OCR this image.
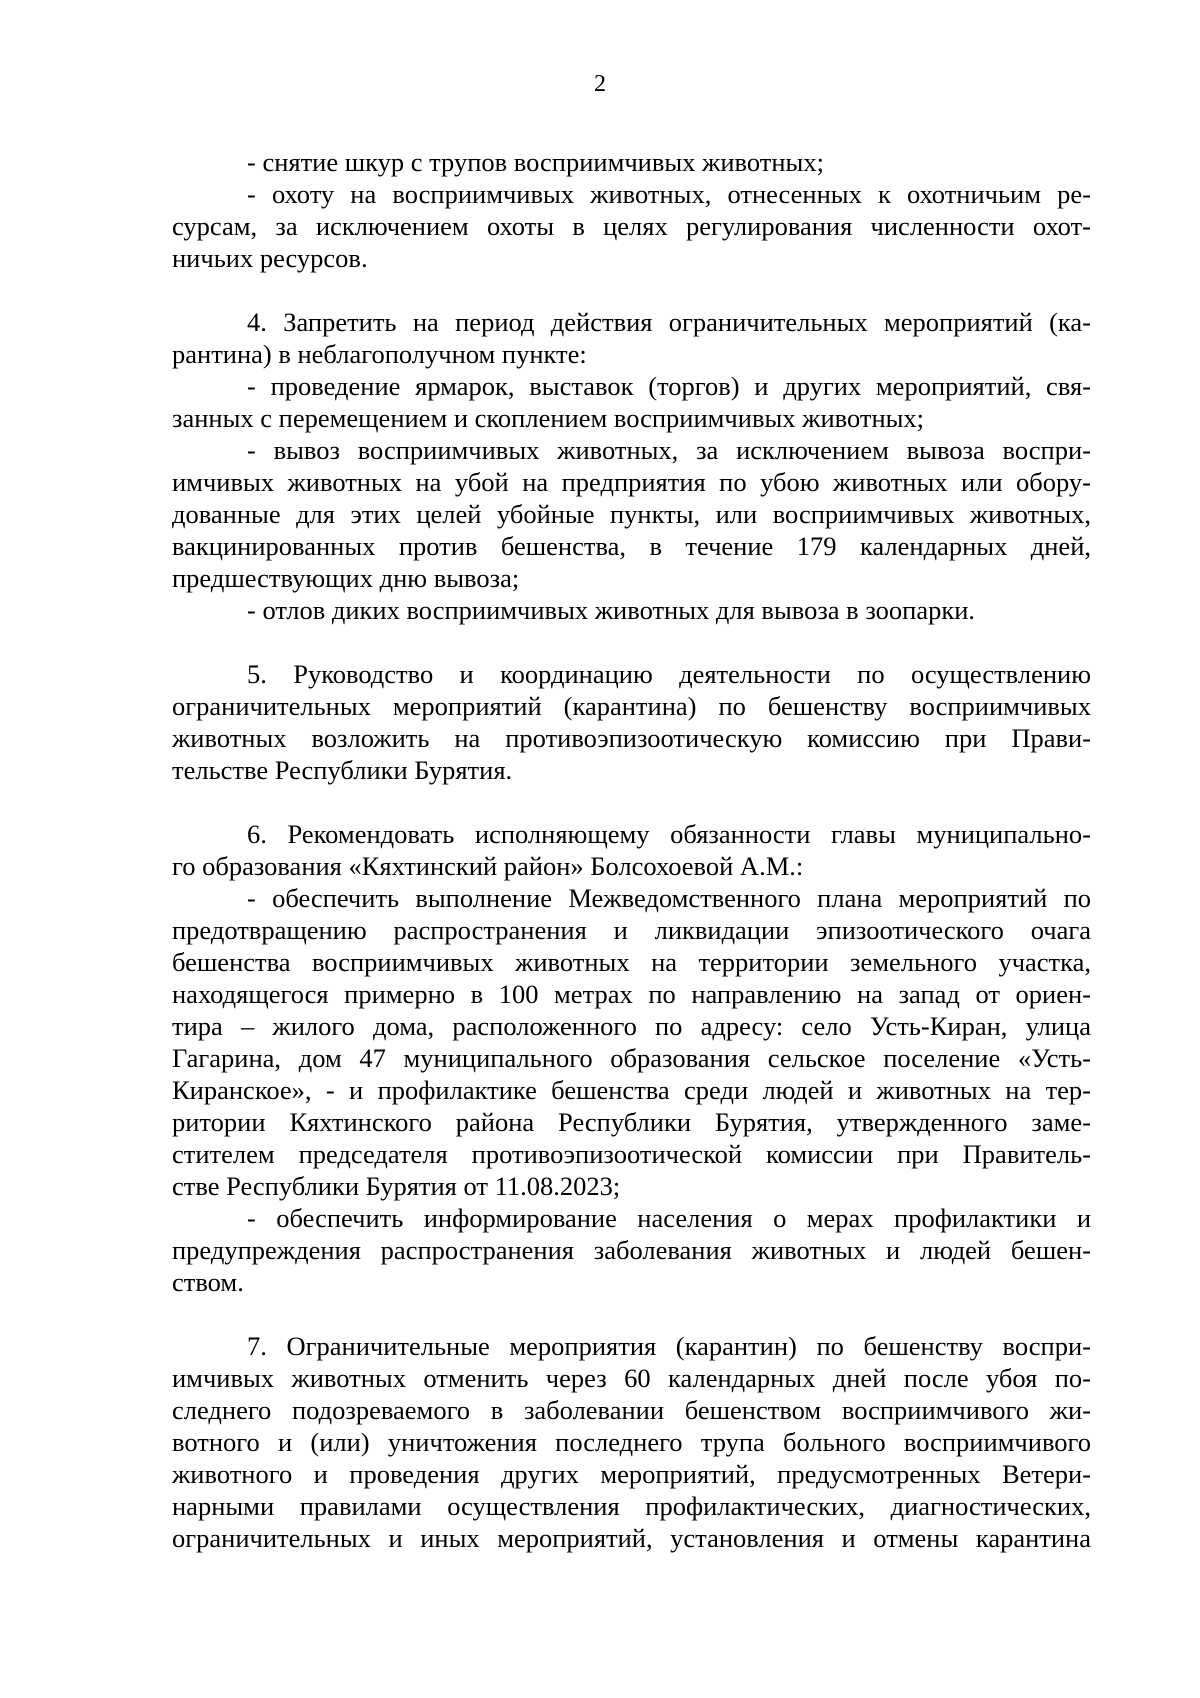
2
- снятие шкур с трупов восприимчивых животных;
- охоту на восприимчивых животных, отнесенных к охотничьим ре-
сурсам, за исключением охоты в целях регулирования численности охот-
ничьих ресурсов.
4. Запретить на период действия ограничительных мероприятий (ка-
рантина) в неблагополучном пункте:
- проведение ярмарок, выставок (торгов) и других мероприятий, свя-
занных с перемещением и скоплением восприимчивых животных;
- вывоз восприимчивых животных, за исключением вывоза воспри-
имчивых животных на убой на предприятия по убою животных или обору-
дованные для этих целей убойные пункты, или восприимчивых животных,
вакцинированных против бешенства, в течение 179 календарных дней,
предшествующих дню вывоза;
- отлов диких восприимчивых животных для вывоза в зоопарки.
5. Руководство и координацию деятельности по осуществлению
ограничительных мероприятий (карантина) по бешенству восприимчивых
животных возложить на противоэпизоотическую комиссию при Прави-
тельстве Республики Бурятия.
6. Рекомендовать исполняющему обязанности главы муниципально-
го образования «Кяхтинский район» Болсохоевой А.М.:
- обеспечить выполнение Межведомственного плана мероприятий по
предотвращению распространения и ликвидации эпизоотического очага
бешенства восприимчивых животных на территории земельного участка,
находящегося примерно в 100 метрах по направлению на запад от ориен-
тира – жилого дома, расположенного по адресу: село Усть-Киран, улица
Гагарина, дом 47 муниципального образования сельское поселение «Усть-
Киранское», - и профилактике бешенства среди людей и животных на тер-
ритории Кяхтинского района Республики Бурятия, утвержденного заме-
стителем председателя противоэпизоотической комиссии при Правитель-
стве Республики Бурятия от 11.08.2023;
- обеспечить информирование населения о мерах профилактики и
предупреждения распространения заболевания животных и людей бешен-
ством.
7. Ограничительные мероприятия (карантин) по бешенству воспри-
имчивых животных отменить через 60 календарных дней после убоя по-
следнего подозреваемого в заболевании бешенством восприимчивого жи-
вотного и (или) уничтожения последнего трупа больного восприимчивого
животного и проведения других мероприятий, предусмотренных Ветери-
нарными правилами осуществления профилактических, диагностических,
ограничительных и иных мероприятий, установления и отмены карантина
